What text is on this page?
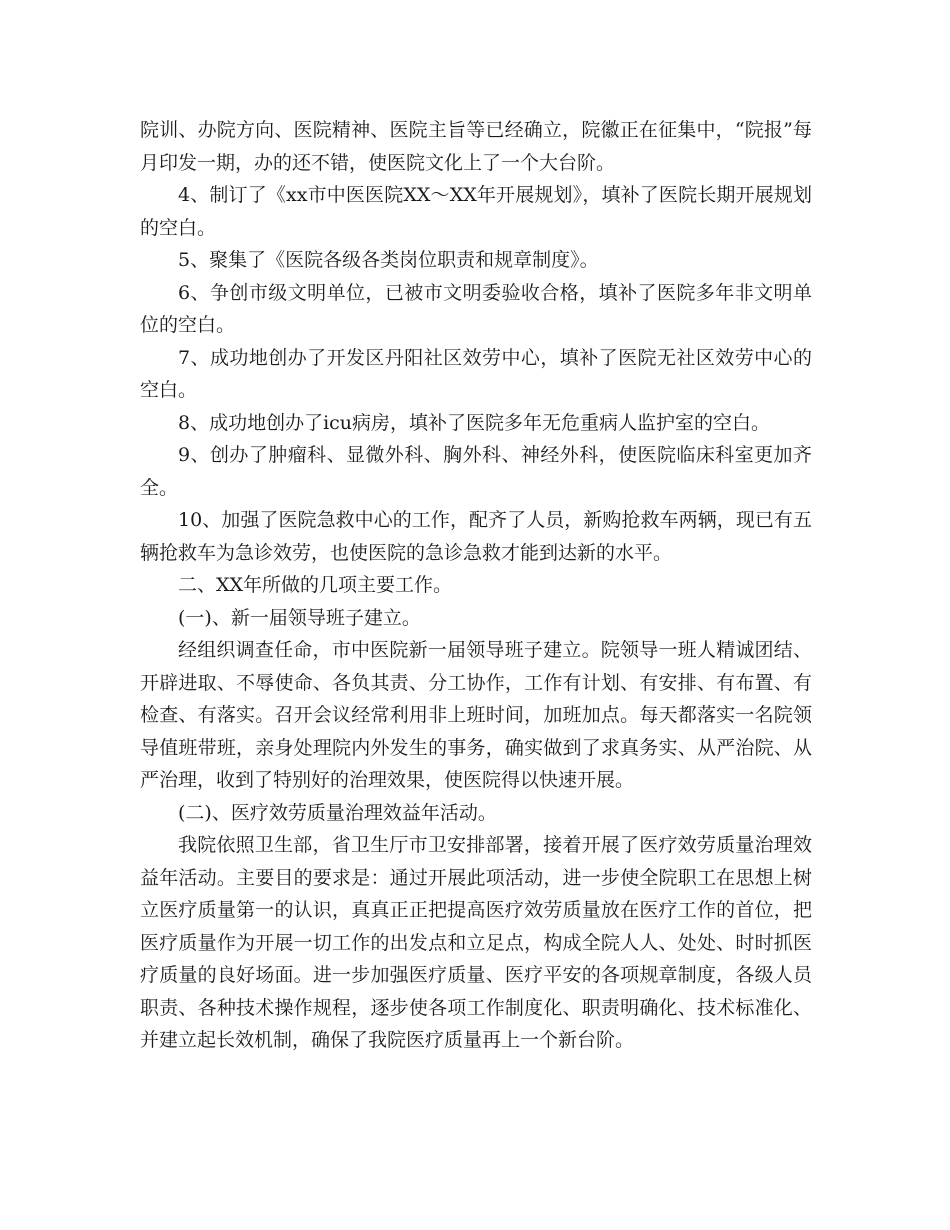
院训、办院方向、医院精神、医院主旨等已经确立，院徽正在征集中，“院报”每月印发一期，办的还不错，使医院文化上了一个大台阶。

4、制订了《xx市中医医院XX～XX年开展规划》，填补了医院长期开展规划的空白。

5、聚集了《医院各级各类岗位职责和规章制度》。

6、争创市级文明单位，已被市文明委验收合格，填补了医院多年非文明单位的空白。

7、成功地创办了开发区丹阳社区效劳中心，填补了医院无社区效劳中心的空白。

8、成功地创办了icu病房，填补了医院多年无危重病人监护室的空白。

9、创办了肿瘤科、显微外科、胸外科、神经外科，使医院临床科室更加齐全。

10、加强了医院急救中心的工作，配齐了人员，新购抢救车两辆，现已有五辆抢救车为急诊效劳，也使医院的急诊急救才能到达新的水平。

二、XX年所做的几项主要工作。

(一)、新一届领导班子建立。

经组织调查任命，市中医院新一届领导班子建立。院领导一班人精诚团结、开辟进取、不辱使命、各负其责、分工协作，工作有计划、有安排、有布置、有检查、有落实。召开会议经常利用非上班时间，加班加点。每天都落实一名院领导值班带班，亲身处理院内外发生的事务，确实做到了求真务实、从严治院、从严治理，收到了特别好的治理效果，使医院得以快速开展。

(二)、医疗效劳质量治理效益年活动。

我院依照卫生部，省卫生厅市卫安排部署，接着开展了医疗效劳质量治理效益年活动。主要目的要求是：通过开展此项活动，进一步使全院职工在思想上树立医疗质量第一的认识，真真正正把提高医疗效劳质量放在医疗工作的首位，把医疗质量作为开展一切工作的出发点和立足点，构成全院人人、处处、时时抓医疗质量的良好场面。进一步加强医疗质量、医疗平安的各项规章制度，各级人员职责、各种技术操作规程，逐步使各项工作制度化、职责明确化、技术标准化、并建立起长效机制，确保了我院医疗质量再上一个新台阶。
